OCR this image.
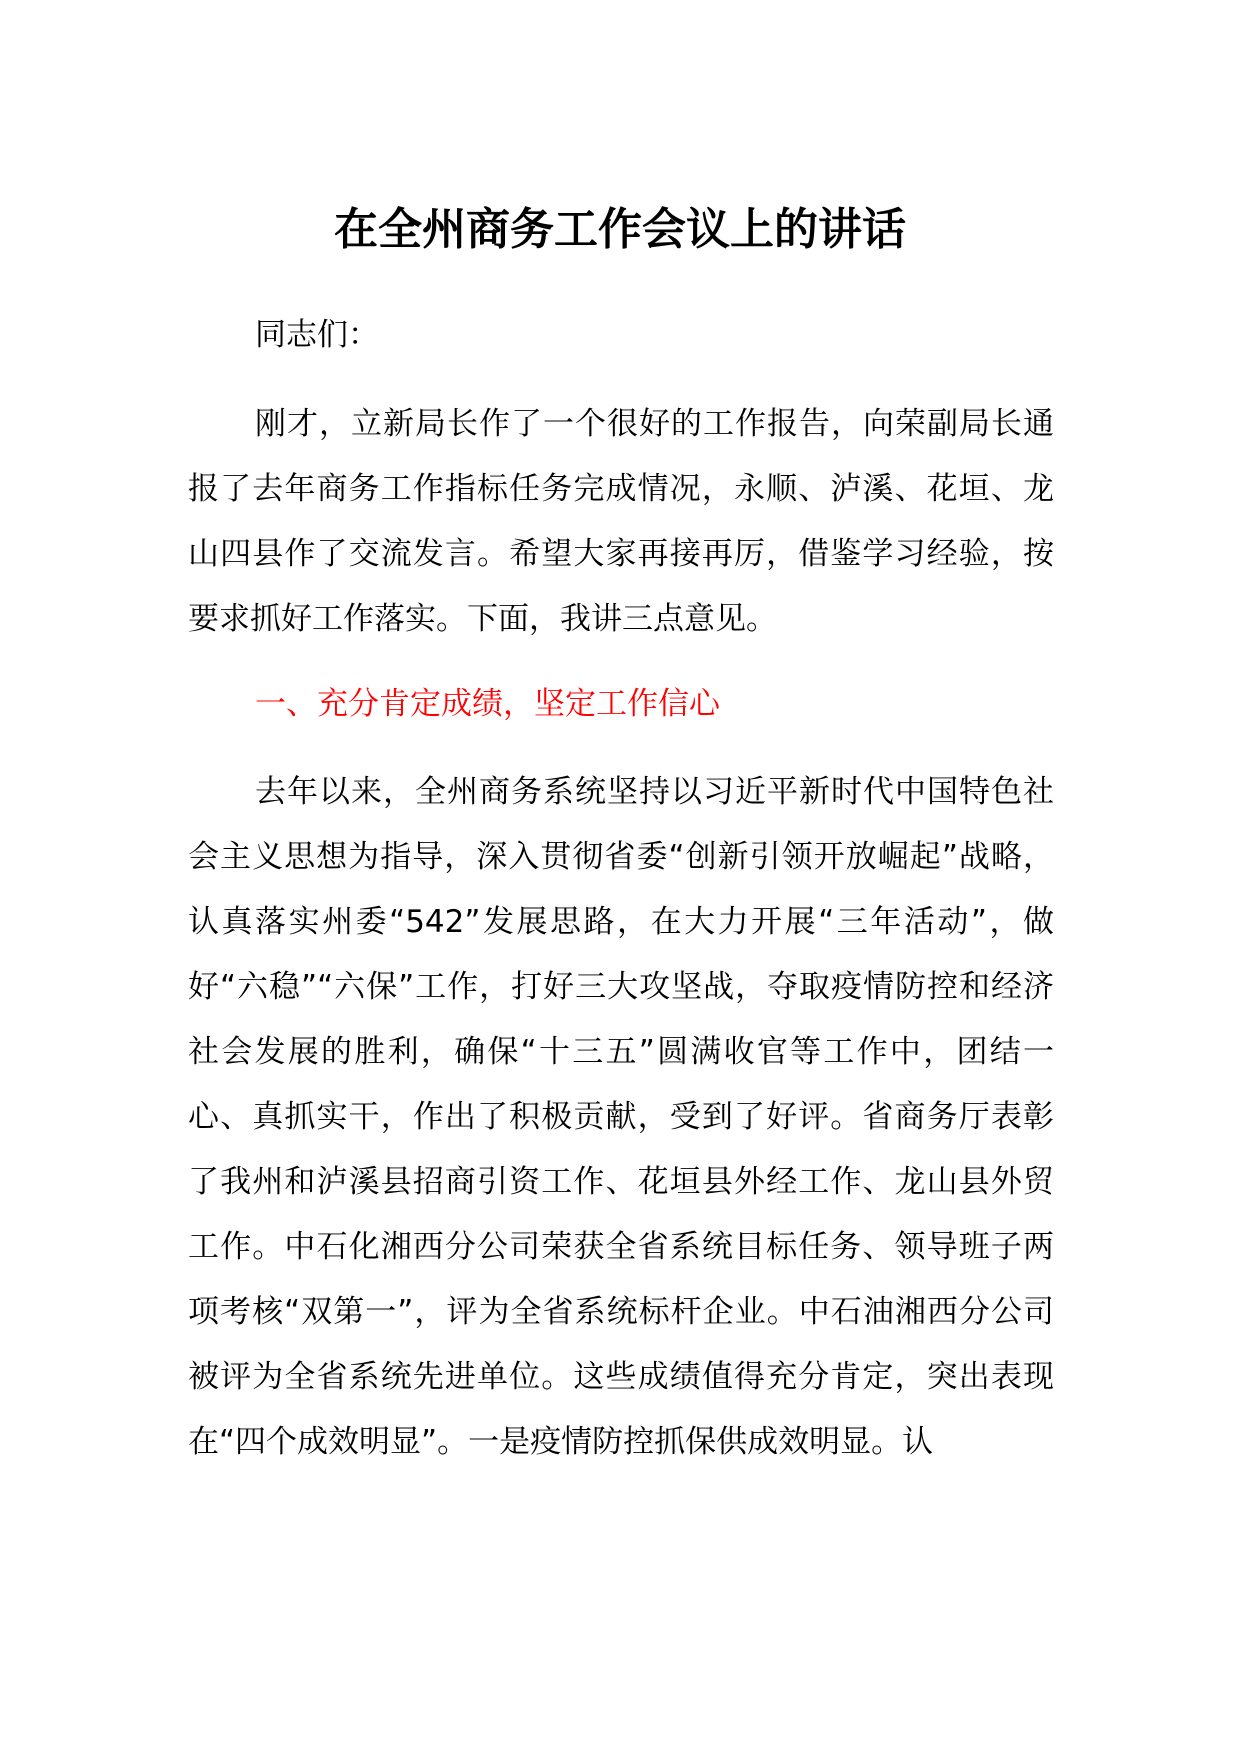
在全州商务工作会议上的讲话
同志们：
刚才，立新局长作了一个很好的工作报告，向荣副局长通报了去年商务工作指标任务完成情况，永顺、泸溪、花垣、龙山四县作了交流发言。希望大家再接再厉，借鉴学习经验，按要求抓好工作落实。下面，我讲三点意见。
一、充分肯定成绩，坚定工作信心
去年以来，全州商务系统坚持以习近平新时代中国特色社会主义思想为指导，深入贯彻省委“创新引领开放崛起”战略，认真落实州委“542”发展思路，在大力开展“三年活动”，做好“六稳”“六保”工作，打好三大攻坚战，夺取疫情防控和经济社会发展的胜利，确保“十三五”圆满收官等工作中，团结一心、真抓实干，作出了积极贡献，受到了好评。省商务厅表彰了我州和泸溪县招商引资工作、花垣县外经工作、龙山县外贸工作。中石化湘西分公司荣获全省系统目标任务、领导班子两项考核“双第一”，评为全省系统标杆企业。中石油湘西分公司被评为全省系统先进单位。这些成绩值得充分肯定，突出表现在“四个成效明显”。一是疫情防控抓保供成效明显。认
